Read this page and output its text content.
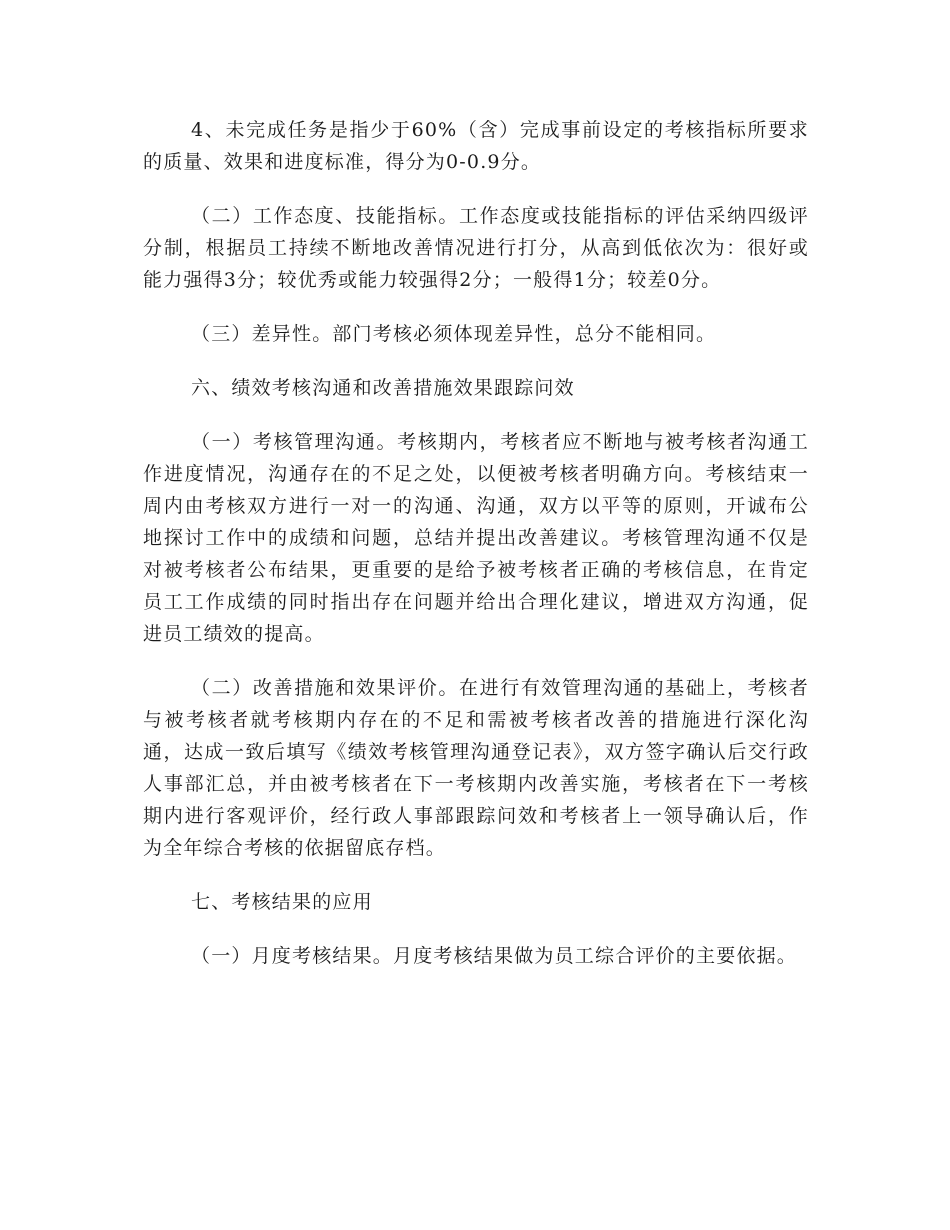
4、未完成任务是指少于60%（含）完成事前设定的考核指标所要求的质量、效果和进度标准，得分为0-0.9分。

（二）工作态度、技能指标。工作态度或技能指标的评估采纳四级评分制，根据员工持续不断地改善情况进行打分，从高到低依次为：很好或能力强得3分；较优秀或能力较强得2分；一般得1分；较差0分。

（三）差异性。部门考核必须体现差异性，总分不能相同。

六、绩效考核沟通和改善措施效果跟踪问效

（一）考核管理沟通。考核期内，考核者应不断地与被考核者沟通工作进度情况，沟通存在的不足之处，以便被考核者明确方向。考核结束一周内由考核双方进行一对一的沟通、沟通，双方以平等的原则，开诚布公地探讨工作中的成绩和问题，总结并提出改善建议。考核管理沟通不仅是对被考核者公布结果，更重要的是给予被考核者正确的考核信息，在肯定员工工作成绩的同时指出存在问题并给出合理化建议，增进双方沟通，促进员工绩效的提高。

（二）改善措施和效果评价。在进行有效管理沟通的基础上，考核者与被考核者就考核期内存在的不足和需被考核者改善的措施进行深化沟通，达成一致后填写《绩效考核管理沟通登记表》，双方签字确认后交行政人事部汇总，并由被考核者在下一考核期内改善实施，考核者在下一考核期内进行客观评价，经行政人事部跟踪问效和考核者上一领导确认后，作为全年综合考核的依据留底存档。

七、考核结果的应用

（一）月度考核结果。月度考核结果做为员工综合评价的主要依据。
